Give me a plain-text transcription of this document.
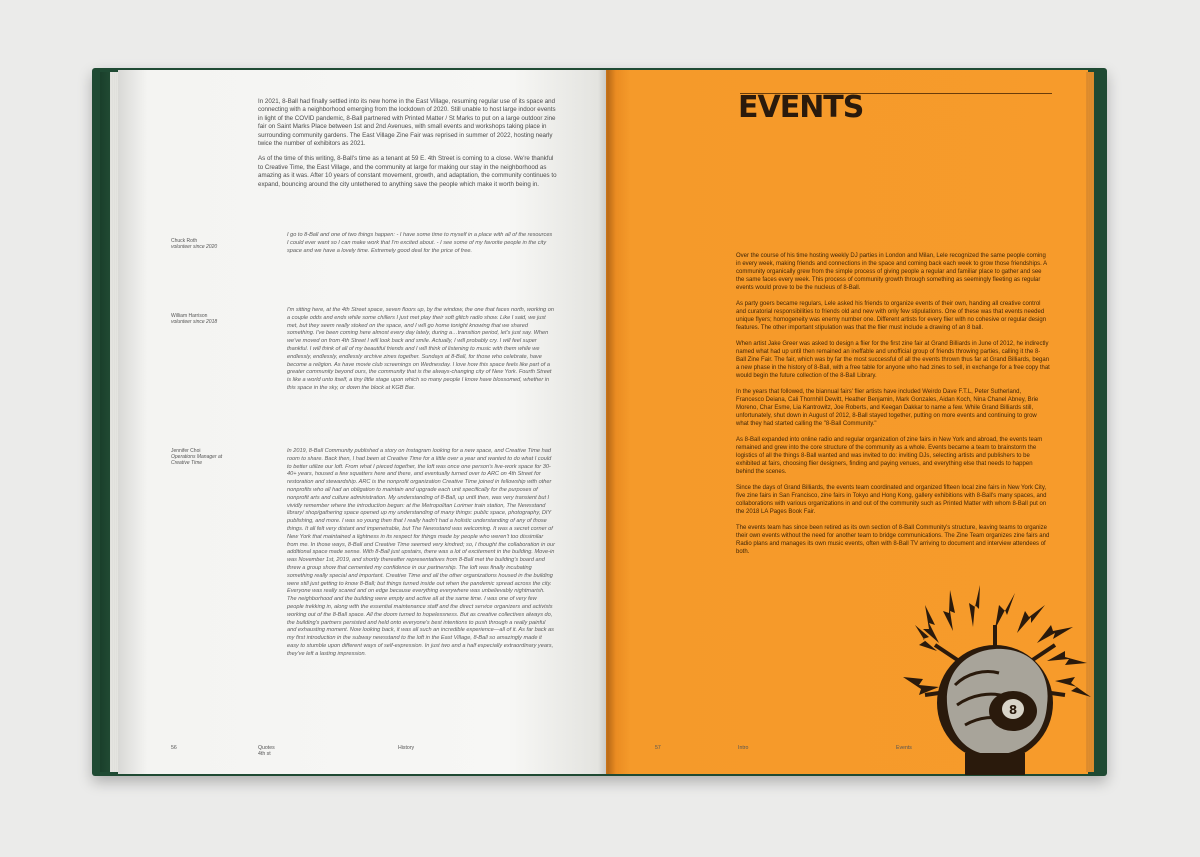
In 2021, 8-Ball had finally settled into its new home in the East Village, resuming regular use of its space and connecting with a neighborhood emerging from the lockdown of 2020. Still unable to host large indoor events in light of the COVID pandemic, 8-Ball partnered with Printed Matter / St Marks to put on a large outdoor zine fair on Saint Marks Place between 1st and 2nd Avenues, with small events and workshops taking place in surrounding community gardens. The East Village Zine Fair was reprised in summer of 2022, hosting nearly twice the number of exhibitors as 2021.

As of the time of this writing, 8-Ball's time as a tenant at 59 E. 4th Street is coming to a close. We're thankful to Creative Time, the East Village, and the community at large for making our stay in the neighborhood as amazing as it was. After 10 years of constant movement, growth, and adaptation, the community continues to expand, bouncing around the city untethered to anything save the people which make it worth being in.

Chuck Roth
volunteer since 2020
I go to 8-Ball and one of two things happen: - I have some time to myself in a place with all of the resources I could ever want so I can make work that I'm excited about. - I see some of my favorite people in the city space and we have a lovely time. Extremely good deal for the price of free.
William Harrison
volunteer since 2018
I'm sitting here, at the 4th Street space, seven floors up, by the window, the one that faces north, working on a couple odds and ends while some chillers I just met play their soft glitch radio show. Like I said, we just met, but they seem really stoked on the space, and I will go home tonight knowing that we shared something. I've been coming here almost every day lately, during a…transition period, let's just say. When we've moved on from 4th Street I will look back and smile. Actually, I will probably cry. I will feel super thankful. I will think of all of my beautiful friends and I will think of listening to music with them while we endlessly, endlessly, endlessly archive zines together. Sundays at 8-Ball, for those who celebrate, have become a religion. As have movie club screenings on Wednesday. I love how this space feels like part of a greater community beyond ours, the community that is the always-changing city of New York. Fourth Street is like a world unto itself, a tiny little stage upon which so many people I know have blossomed, whether in this space in the sky, or down the block at KGB Bar.
Jennifer Choi
Operations Manager at Creative Time
In 2019, 8-Ball Community published a story on Instagram looking for a new space, and Creative Time had room to share. Back then, I had been at Creative Time for a little over a year and wanted to do what I could to better utilize our loft. From what I pieced together, the loft was once one person's live-work space for 30-40+ years, housed a few squatters here and there, and eventually turned over to ARC on 4th Street for restoration and stewardship. ARC is the nonprofit organization Creative Time joined in fellowship with other nonprofits who all had an obligation to maintain and upgrade each unit specifically for the purposes of nonprofit arts and culture administration. My understanding of 8-Ball, up until then, was very transient but I vividly remember where the introduction began: at the Metropolitan Lorimer train station, The Newsstand library/ shop/gathering space opened up my understanding of many things: public space, photography, DIY publishing, and more. I was so young then that I really hadn't had a holistic understanding of any of those things. It all felt very distant and impenetrable, but The Newsstand was welcoming. It was a secret corner of New York that maintained a lightness in its respect for things made by people who weren't too dissimilar from me. In those ways, 8-Ball and Creative Time seemed very kindred; so, I thought the collaboration in our additional space made sense. With 8-Ball just upstairs, there was a lot of excitement in the building. Move-in was November 1st, 2019, and shortly thereafter representatives from 8-Ball met the building's board and threw a group show that cemented my confidence in our partnership. The loft was finally incubating something really special and important. Creative Time and all the other organizations housed in the building were still just getting to know 8-Ball; but things turned inside out when the pandemic spread across the city. Everyone was really scared and on edge because everything everywhere was unbelievably nightmarish. The neighborhood and the building were empty and active all at the same time. I was one of very few people trekking in, along with the essential maintenance staff and the direct service organizers and activists working out of the 8-Ball space. All the doom turned to hopelessness. But as creative collectives always do, the building's partners persisted and held onto everyone's best intentions to push through a really painful and exhausting moment. Now looking back, it was all such an incredible experience—all of it. As far back as my first introduction in the subway newsstand to the loft in the East Village, 8-Ball so amazingly made it easy to stumble upon different ways of self-expression. In just two and a half especially extraordinary years, they've left a lasting impression.
56	Quotes
4th st
History
EVENTS

Over the course of his time hosting weekly DJ parties in London and Milan, Lele recognized the same people coming in every week, making friends and connections in the space and coming back each week to grow those friendships. A community organically grew from the simple process of giving people a regular and familiar place to gather and see the same faces every week. This process of community growth through something as seemingly fleeting as regular events would prove to be the nucleus of 8-Ball.

As party goers became regulars, Lele asked his friends to organize events of their own, handing all creative control and curatorial responsibilities to friends old and new with only few stipulations. One of these was that events needed unique flyers; homogeneity was enemy number one. Different artists for every flier with no cohesive or regular design features. The other important stipulation was that the flier must include a drawing of an 8 ball.

When artist Jake Greer was asked to design a flier for the first zine fair at Grand Billiards in June of 2012, he indirectly named what had up until then remained an ineffable and unofficial group of friends throwing parties, calling it the 8-Ball Zine Fair. The fair, which was by far the most successful of all the events thrown thus far at Grand Billiards, began a new phase in the history of 8-Ball, with a free table for anyone who had zines to sell, in exchange for a free copy that would begin the future collection of the 8-Ball Library.

In the years that followed, the biannual fairs' flier artists have included Weirdo Dave F.T.L, Peter Sutherland, Francesco Deiana, Cali Thornhill Dewitt, Heather Benjamin, Mark Gonzales, Aidan Koch, Nina Chanel Abney, Brie Moreno, Char Esme, Lia Kantrowitz, Joe Roberts, and Keegan Dakkar to name a few. While Grand Billiards still, unfortunately, shut down in August of 2012, 8-Ball stayed together, putting on more events and continuing to grow what they had started calling the "8-Ball Community."

As 8-Ball expanded into online radio and regular organization of zine fairs in New York and abroad, the events team remained and grew into the core structure of the community as a whole. Events became a team to brainstorm the logistics of all the things 8-Ball wanted and was invited to do: inviting DJs, selecting artists and publishers to be exhibited at fairs, choosing flier designers, finding and paying venues, and everything else that needs to happen behind the scenes.

Since the days of Grand Billiards, the events team coordinated and organized fifteen local zine fairs in New York City, five zine fairs in San Francisco, zine fairs in Tokyo and Hong Kong, gallery exhibitions with 8-Ball's many spaces, and collaborations with various organizations in and out of the community such as Printed Matter with whom 8-Ball put on the 2018 LA Pages Book Fair.

The events team has since been retired as its own section of 8-Ball Community's structure, leaving teams to organize their own events without the need for another team to bridge communications. The Zine Team organizes zine fairs and Radio plans and manages its own music events, often with 8-Ball TV arriving to document and interview attendees of both.

57	Intro	Events
8
